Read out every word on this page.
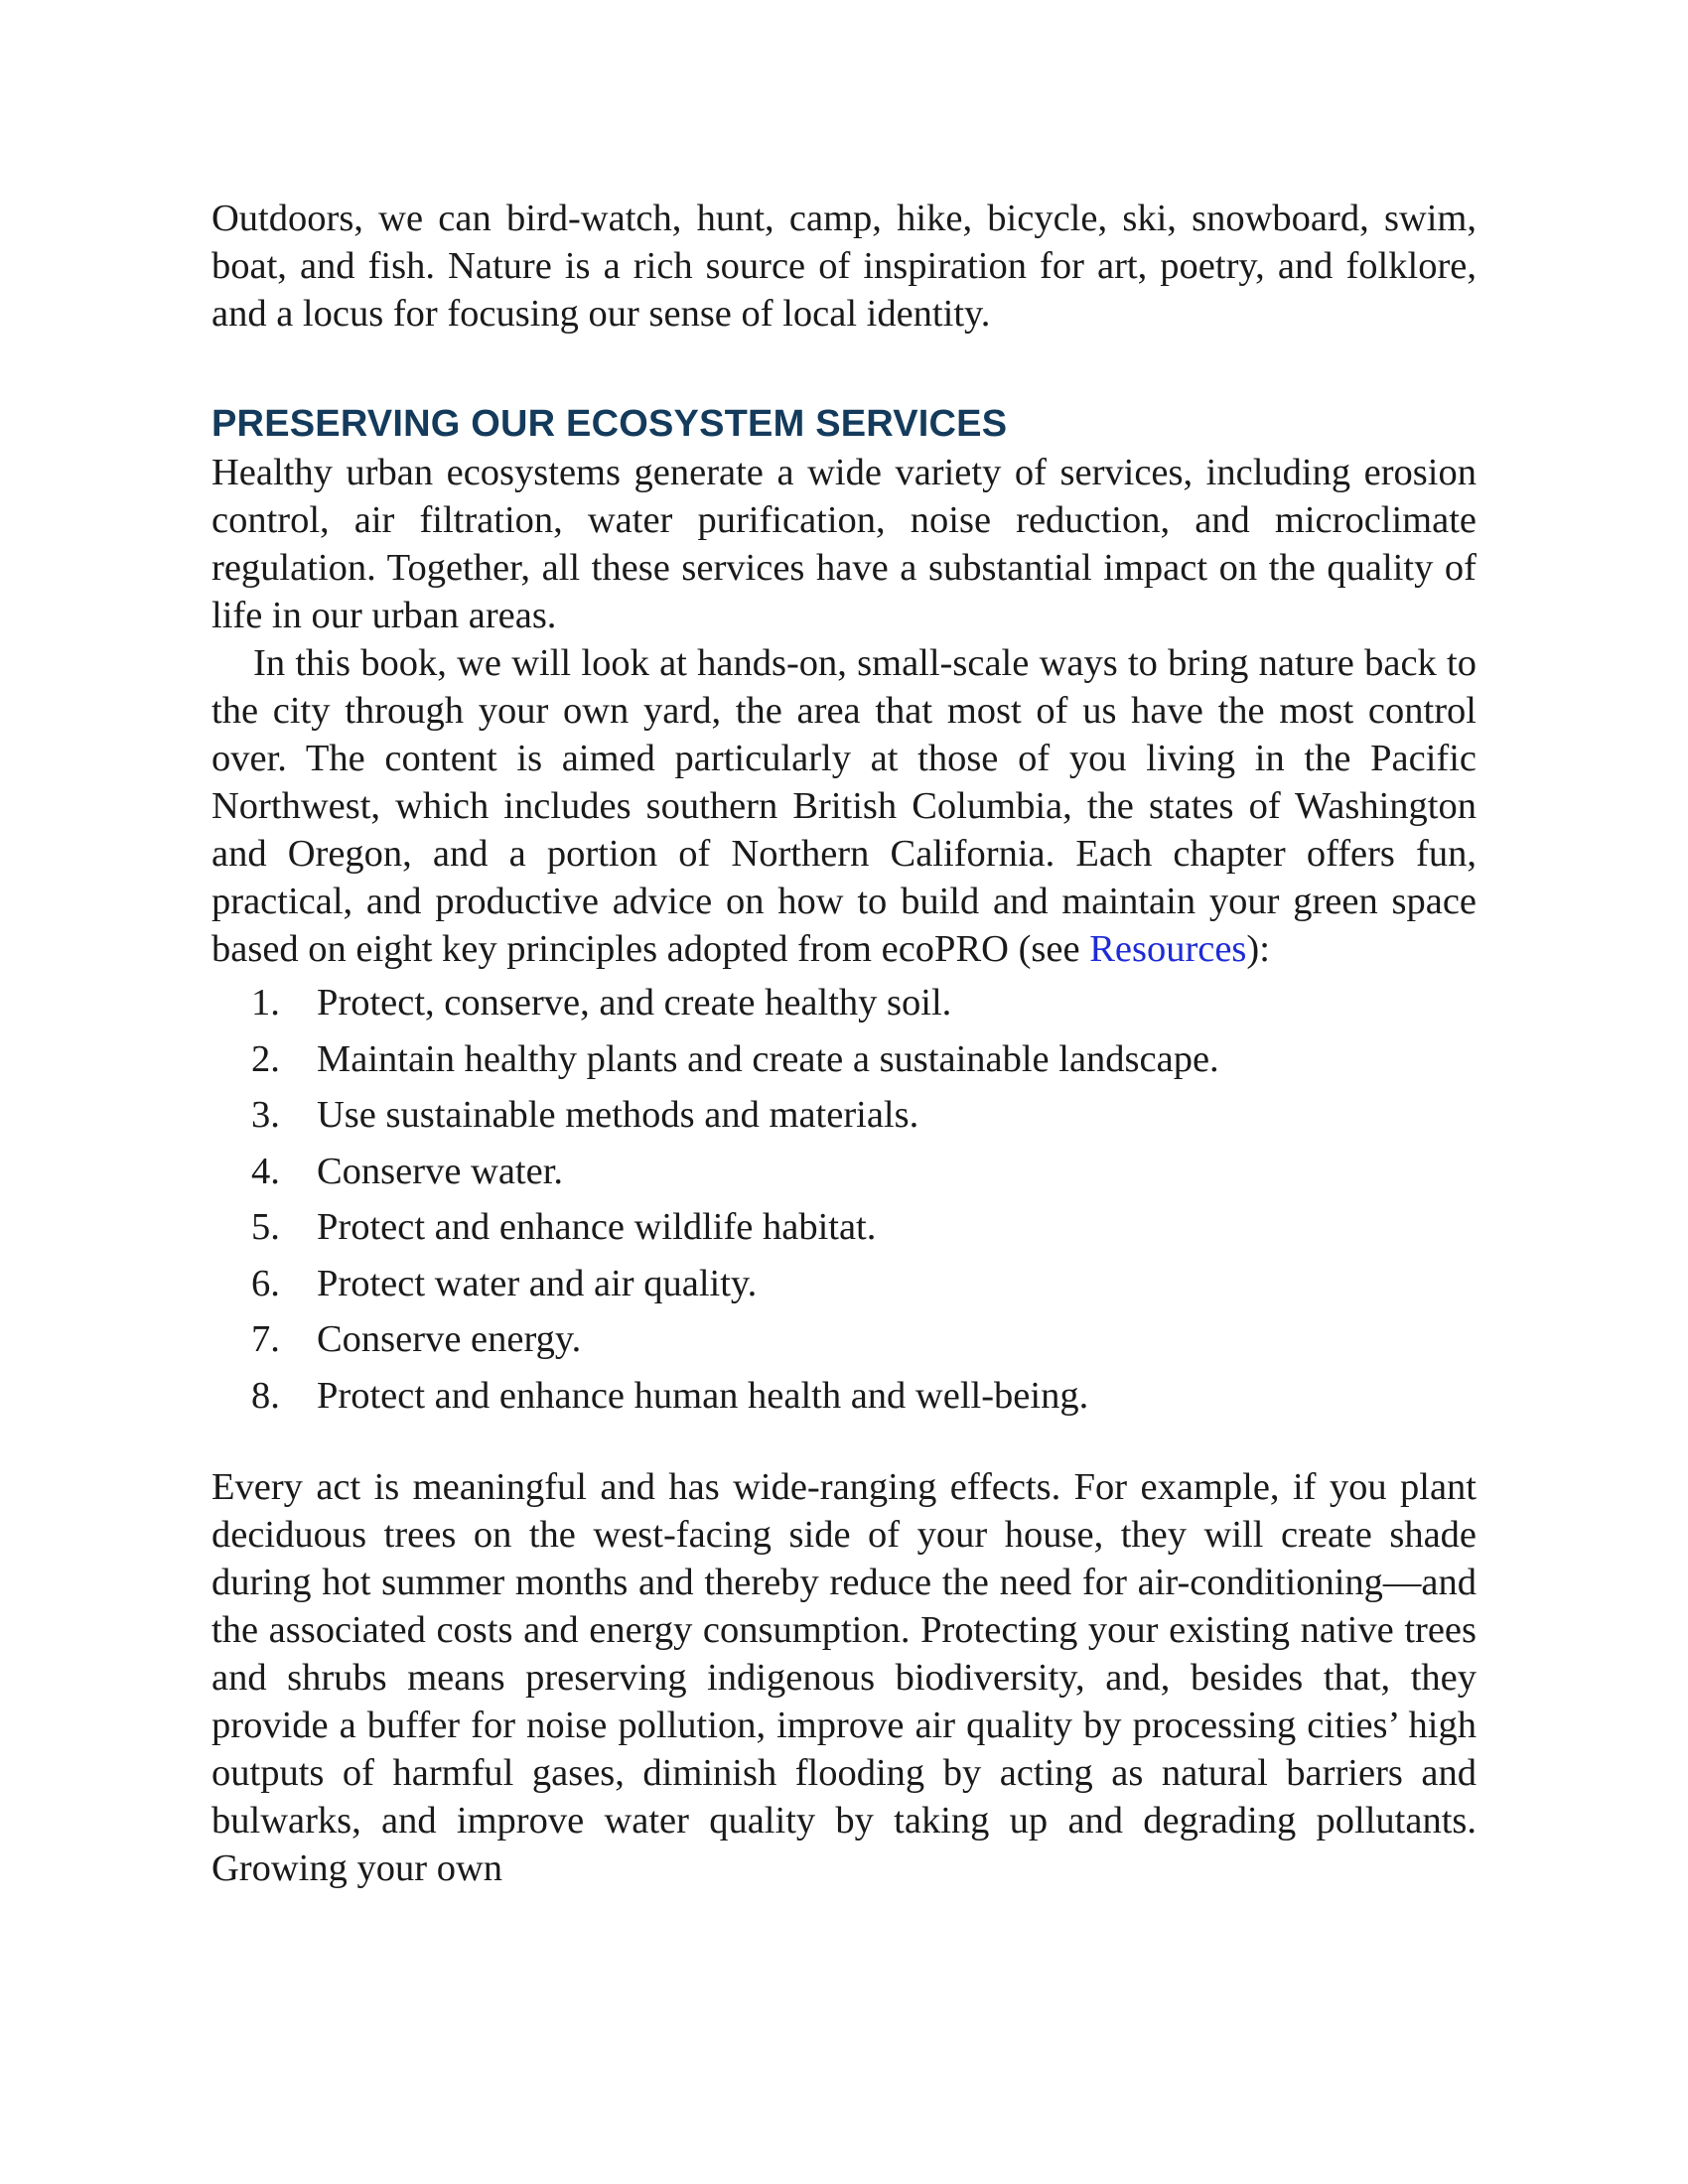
Outdoors, we can bird-watch, hunt, camp, hike, bicycle, ski, snowboard, swim, boat, and fish. Nature is a rich source of inspiration for art, poetry, and folklore, and a locus for focusing our sense of local identity.

PRESERVING OUR ECOSYSTEM SERVICES

Healthy urban ecosystems generate a wide variety of services, including erosion control, air filtration, water purification, noise reduction, and microclimate regulation. Together, all these services have a substantial impact on the quality of life in our urban areas.

In this book, we will look at hands-on, small-scale ways to bring nature back to the city through your own yard, the area that most of us have the most control over. The content is aimed particularly at those of you living in the Pacific Northwest, which includes southern British Columbia, the states of Washington and Oregon, and a portion of Northern California. Each chapter offers fun, practical, and productive advice on how to build and maintain your green space based on eight key principles adopted from ecoPRO (see Resources):

1. Protect, conserve, and create healthy soil.
2. Maintain healthy plants and create a sustainable landscape.
3. Use sustainable methods and materials.
4. Conserve water.
5. Protect and enhance wildlife habitat.
6. Protect water and air quality.
7. Conserve energy.
8. Protect and enhance human health and well-being.

Every act is meaningful and has wide-ranging effects. For example, if you plant deciduous trees on the west-facing side of your house, they will create shade during hot summer months and thereby reduce the need for air-conditioning—and the associated costs and energy consumption. Protecting your existing native trees and shrubs means preserving indigenous biodiversity, and, besides that, they provide a buffer for noise pollution, improve air quality by processing cities’ high outputs of harmful gases, diminish flooding by acting as natural barriers and bulwarks, and improve water quality by taking up and degrading pollutants. Growing your own
